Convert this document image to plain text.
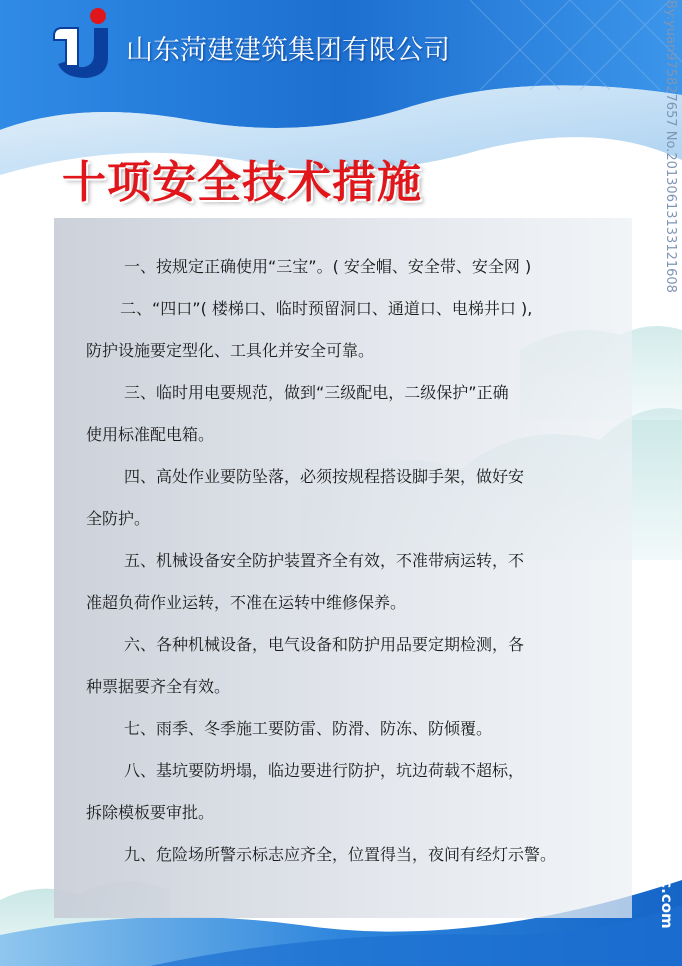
山东菏建建筑集团有限公司
十项安全技术措施

一、按规定正确使用“三宝”。( 安全帽、安全带、安全网 )

二、“四口”( 楼梯口、临时预留洞口、通道口、电梯井口 ),
防护设施要定型化、工具化并安全可靠。

三、临时用电要规范，做到“三级配电，二级保护”正确
使用标准配电箱。

四、高处作业要防坠落，必须按规程搭设脚手架，做好安
全防护。

五、机械设备安全防护装置齐全有效，不准带病运转，不
准超负荷作业运转，不准在运转中维修保养。

六、各种机械设备，电气设备和防护用品要定期检测，各
种票据要齐全有效。

七、雨季、冬季施工要防雷、防滑、防冻、防倾覆。

八、基坑要防坍塌，临边要进行防护，坑边荷载不超标，
拆除模板要审批。

九、危险场所警示标志应齐全，位置得当，夜间有经灯示警。

By:yuan975827657 No.20130613133121608
图网 www.nipic.com
